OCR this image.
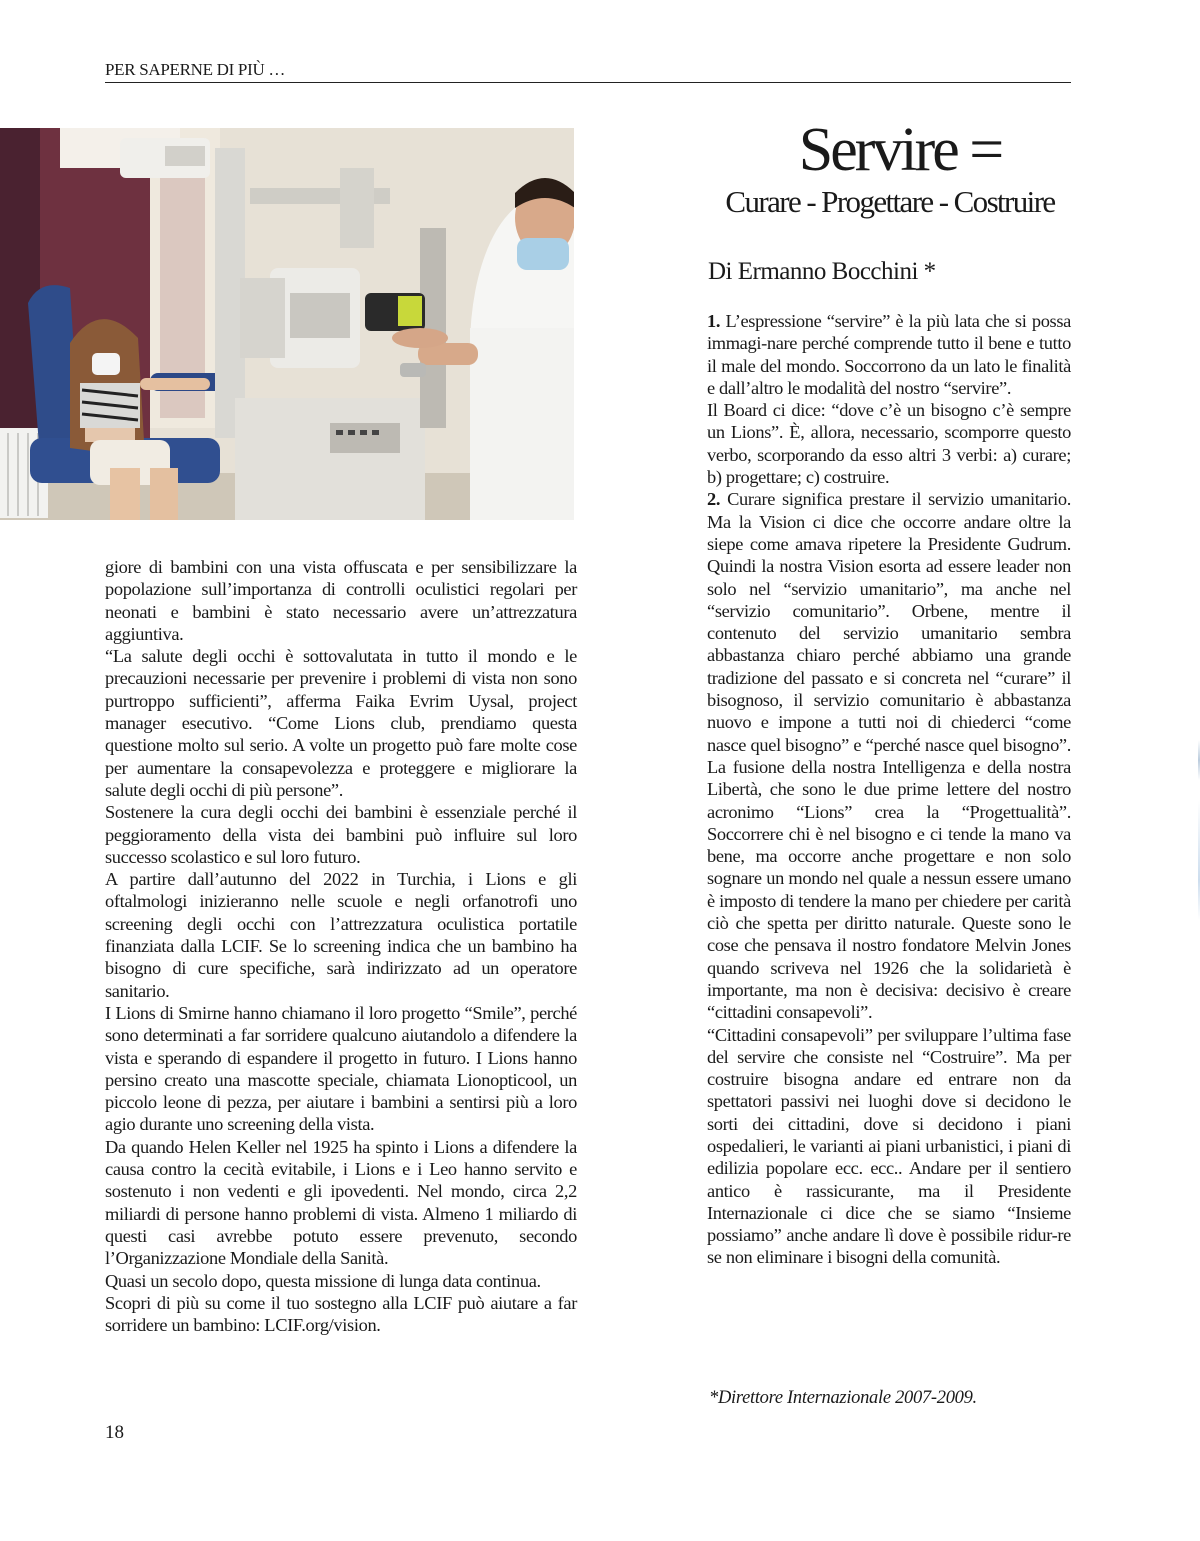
PER SAPERNE DI PIÙ …

giore di bambini con una vista offuscata e per sensibilizzare la popolazione sull’importanza di controlli oculistici regolari per neonati e bambini è stato necessario avere un’attrezzatura aggiuntiva.

“La salute degli occhi è sottovalutata in tutto il mondo e le precauzioni necessarie per prevenire i problemi di vista non sono purtroppo sufficienti”, afferma Faika Evrim Uysal, project manager esecutivo. “Come Lions club, prendiamo questa questione molto sul serio. A volte un progetto può fare molte cose per aumentare la consapevolezza e proteggere e migliorare la salute degli occhi di più persone”.

Sostenere la cura degli occhi dei bambini è essenziale perché il peggioramento della vista dei bambini può influire sul loro successo scolastico e sul loro futuro.

A partire dall’autunno del 2022 in Turchia, i Lions e gli oftalmologi inizieranno nelle scuole e negli orfanotrofi uno screening degli occhi con l’attrezzatura oculistica portatile finanziata dalla LCIF. Se lo screening indica che un bambino ha bisogno di cure specifiche, sarà indirizzato ad un operatore sanitario.

I Lions di Smirne hanno chiamano il loro progetto “Smile”, perché sono determinati a far sorridere qualcuno aiutandolo a difendere la vista e sperando di espandere il progetto in futuro. I Lions hanno persino creato una mascotte speciale, chiamata Lionopticool, un piccolo leone di pezza, per aiutare i bambini a sentirsi più a loro agio durante uno screening della vista.

Da quando Helen Keller nel 1925 ha spinto i Lions a difendere la causa contro la cecità evitabile, i Lions e i Leo hanno servito e sostenuto i non vedenti e gli ipovedenti. Nel mondo, circa 2,2 miliardi di persone hanno problemi di vista. Almeno 1 miliardo di questi casi avrebbe potuto essere prevenuto, secondo l’Organizzazione Mondiale della Sanità.

Quasi un secolo dopo, questa missione di lunga data continua.

Scopri di più su come il tuo sostegno alla LCIF può aiutare a far sorridere un bambino: LCIF.org/vision.

Servire =
Curare - Progettare - Costruire
Di Ermanno Bocchini *

1. L’espressione “servire” è la più lata che si possa immagi-nare perché comprende tutto il bene e tutto il male del mondo. Soccorrono da un lato le finalità e dall’altro le modalità del nostro “servire”.

Il Board ci dice: “dove c’è un bisogno c’è sempre un Lions”. È, allora, necessario, scomporre questo verbo, scorporando da esso altri 3 verbi: a) curare; b) progettare; c) costruire.

2. Curare significa prestare il servizio umanitario. Ma la Vision ci dice che occorre andare oltre la siepe come amava ripetere la Presidente Gudrum. Quindi la nostra Vision esorta ad essere leader non solo nel “servizio umanitario”, ma anche nel “servizio comunitario”. Orbene, mentre il contenuto del servizio umanitario sembra abbastanza chiaro perché abbiamo una grande tradizione del passato e si concreta nel “curare” il bisognoso, il servizio comunitario è abbastanza nuovo e impone a tutti noi di chiederci “come nasce quel bisogno” e “perché nasce quel bisogno”. La fusione della nostra Intelligenza e della nostra Libertà, che sono le due prime lettere del nostro acronimo “Lions” crea la “Progettualità”. Soccorrere chi è nel bisogno e ci tende la mano va bene, ma occorre anche progettare e non solo sognare un mondo nel quale a nessun essere umano è imposto di tendere la mano per chiedere per carità ciò che spetta per diritto naturale. Queste sono le cose che pensava il nostro fondatore Melvin Jones quando scriveva nel 1926 che la solidarietà è importante, ma non è decisiva: decisivo è creare “cittadini consapevoli”.

“Cittadini consapevoli” per sviluppare l’ultima fase del servire che consiste nel “Costruire”. Ma per costruire bisogna andare ed entrare non da spettatori passivi nei luoghi dove si decidono le sorti dei cittadini, dove si decidono i piani ospedalieri, le varianti ai piani urbanistici, i piani di edilizia popolare ecc. ecc.. Andare per il sentiero antico è rassicurante, ma il Presidente Internazionale ci dice che se siamo “Insieme possiamo” anche andare lì dove è possibile ridur-re se non eliminare i bisogni della comunità.

*Direttore Internazionale 2007-2009.
18
